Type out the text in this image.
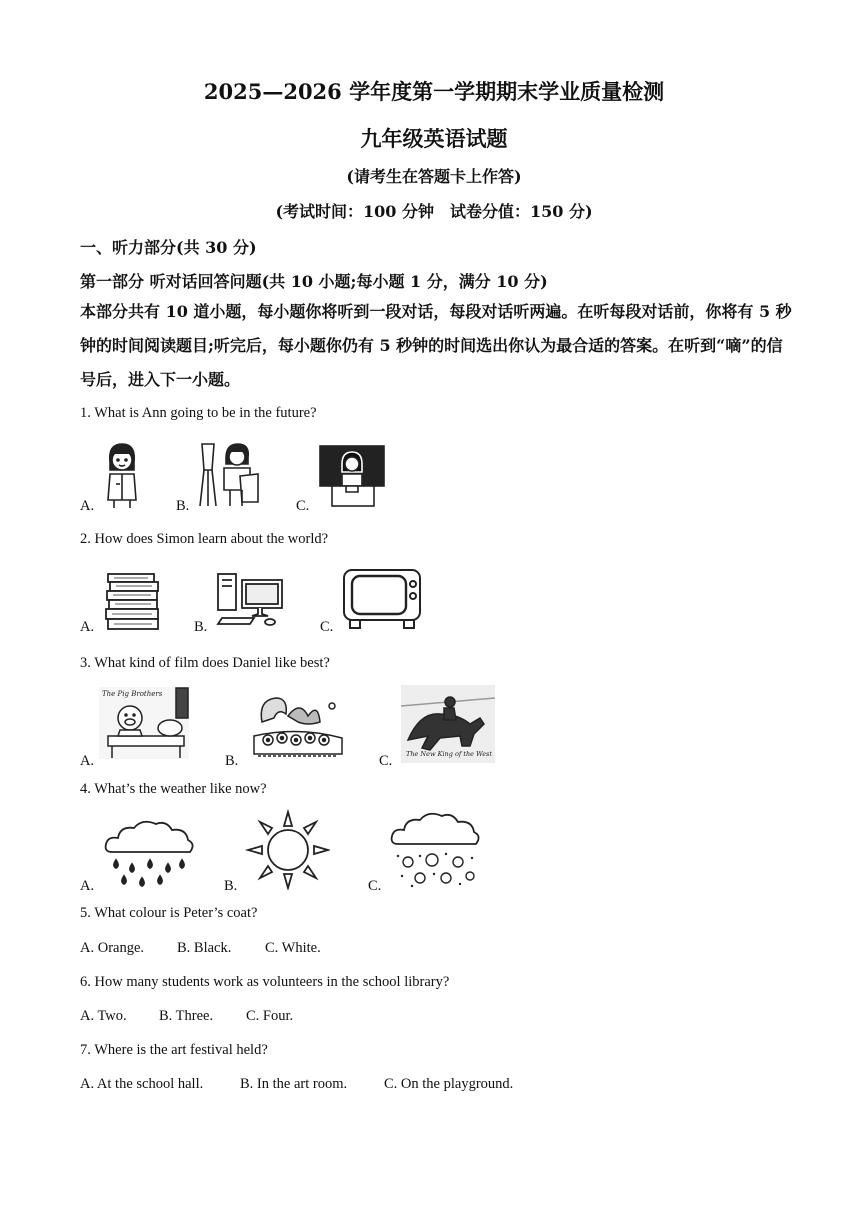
2025—2026 学年度第一学期期末学业质量检测
九年级英语试题
(请考生在答题卡上作答)
(考试时间：100 分钟　试卷分值：150 分)
一、听力部分(共 30 分)
第一部分 听对话回答问题(共 10 小题;每小题 1 分，满分 10 分)
本部分共有 10 道小题，每小题你将听到一段对话，每段对话听两遍。在听每段对话前，你将有 5 秒钟的时间阅读题目;听完后，每小题你仍有 5 秒钟的时间选出你认为最合适的答案。在听到“嘀”的信号后，进入下一小题。
1. What is Ann going to be in the future?
A.	B.	C.
2. How does Simon learn about the world?
A.	B.	C.
3. What kind of film does Daniel like best?
A.	B.	C.
The Pig Brothers
The New King of the West
4. What’s the weather like now?
A.	B.	C.
5. What colour is Peter’s coat?
A. Orange. B. Black. C. White.
6. How many students work as volunteers in the school library?
A. Two. B. Three. C. Four.
7. Where is the art festival held?
A. At the school hall.	B. In the art room.	C. On the playground.
